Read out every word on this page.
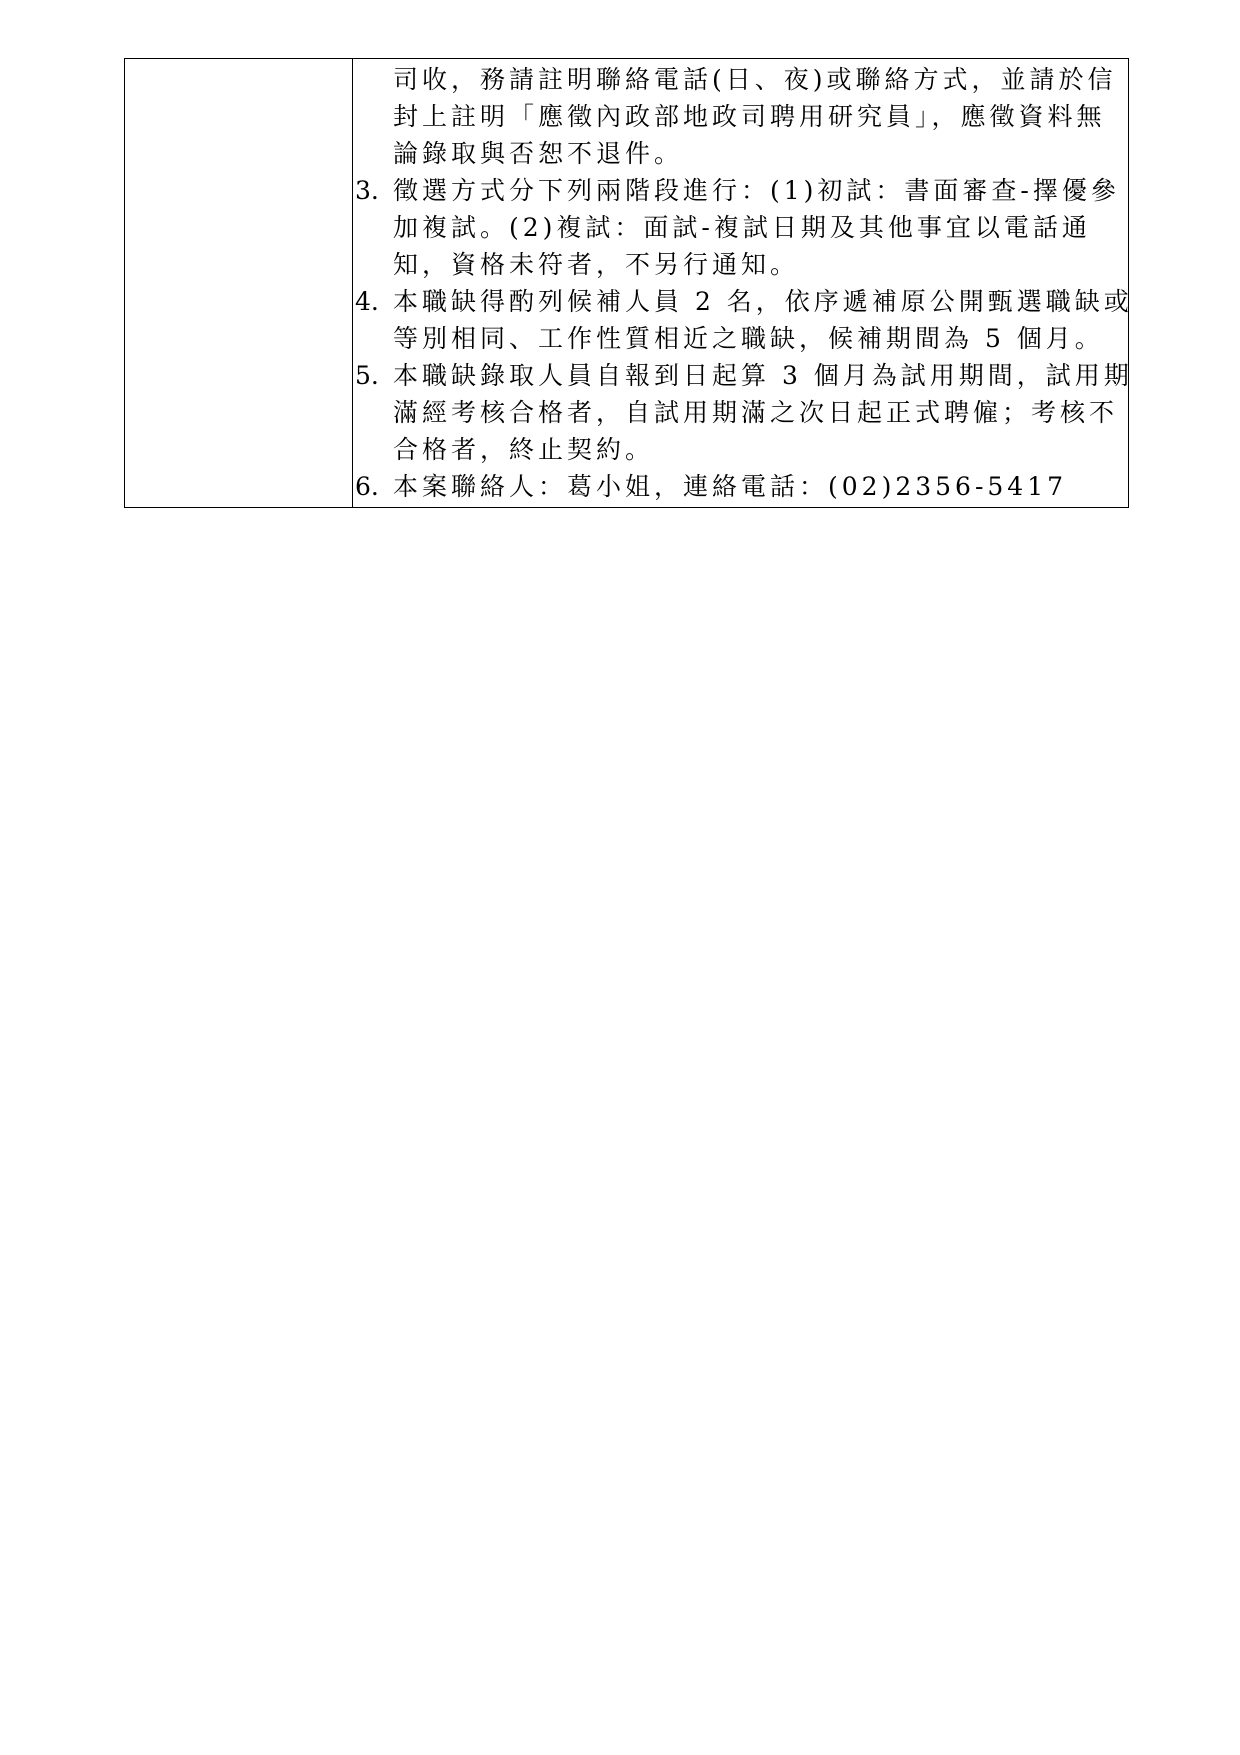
司收，務請註明聯絡電話(日、夜)或聯絡方式，並請於信
封上註明「應徵內政部地政司聘用研究員」，應徵資料無
論錄取與否恕不退件。
3. 徵選方式分下列兩階段進行：(1)初試：書面審查-擇優參
加複試。(2)複試：面試-複試日期及其他事宜以電話通
知，資格未符者，不另行通知。
4. 本職缺得酌列候補人員 2 名，依序遞補原公開甄選職缺或
等別相同、工作性質相近之職缺，候補期間為 5 個月。
5. 本職缺錄取人員自報到日起算 3 個月為試用期間，試用期
滿經考核合格者，自試用期滿之次日起正式聘僱；考核不
合格者，終止契約。
6. 本案聯絡人：葛小姐，連絡電話：(02)2356-5417
